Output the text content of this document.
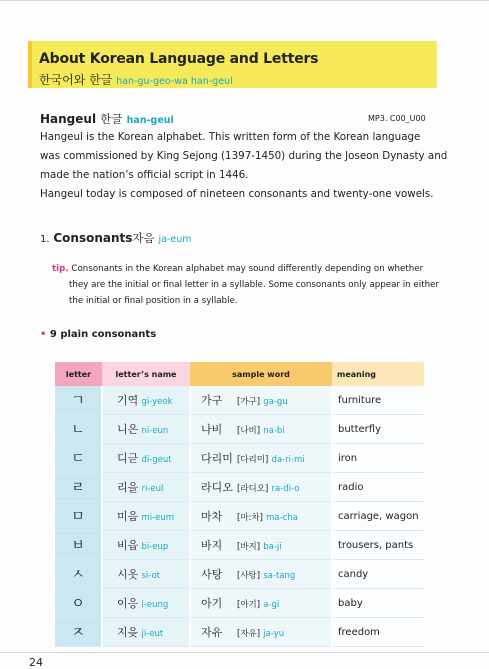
About Korean Language and Letters
한국어와 한글 han-gu-geo-wa han-geul
Hangeul 한글 han-geul	MP3. C00_U00
Hangeul is the Korean alphabet. This written form of the Korean language
was commissioned by King Sejong (1397-1450) during the Joseon Dynasty and
made the nation’s official script in 1446.
Hangeul today is composed of nineteen consonants and twenty-one vowels.
1. Consonants자음 ja-eum
tip. Consonants in the Korean alphabet may sound differently depending on whether
they are the initial or final letter in a syllable. Some consonants only appear in either
the initial or final position in a syllable.
• 9 plain consonants
letter	letter’s name	sample word	meaning
ㄱ	기역 gi-yeok	가구 [가구] ga-gu	furniture
ㄴ	니은 ni-eun	나비 [나비] na-bi	butterfly
ㄷ	디귿 di-geut	다리미 [다리미] da-ri-mi	iron
ㄹ	리을 ri-eul	라디오 [라디오] ra-di-o	radio
ㅁ	미음 mi-eum	마차 [마:차] ma-cha	carriage, wagon
ㅂ	비읍 bi-eup	바지 [바지] ba-ji	trousers, pants
ㅅ	시옷 si-ot	사탕 [사탕] sa-tang	candy
ㅇ	이응 i-eung	아기 [아기] a-gi	baby
ㅈ	지읒 ji-eut	자유 [자유] ja-yu	freedom
24
